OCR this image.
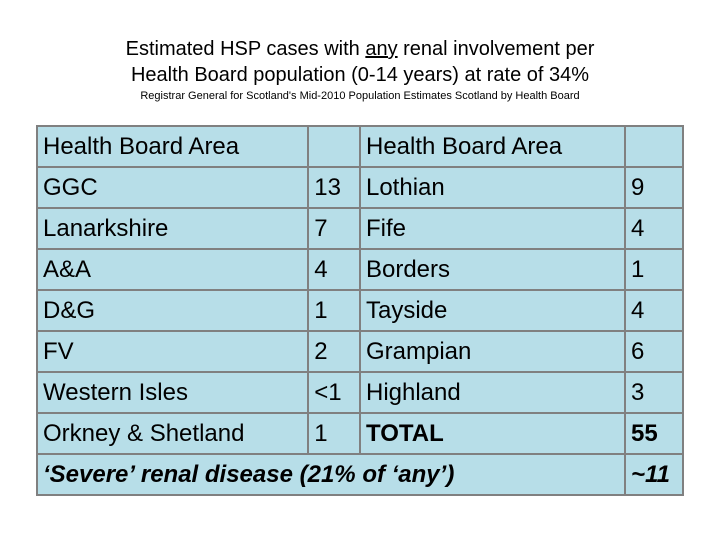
Estimated HSP cases with any renal involvement per
Health Board population (0-14 years) at rate of 34%
Registrar General for Scotland's Mid-2010 Population Estimates Scotland by Health Board
Health Board Area		Health Board Area	
GGC	13	Lothian	9
Lanarkshire	7	Fife	4
A&A	4	Borders	1
D&G	1	Tayside	4
FV	2	Grampian	6
Western Isles	<1	Highland	3
Orkney & Shetland	1	TOTAL	55
‘Severe’ renal disease (21% of ‘any’)			~11
